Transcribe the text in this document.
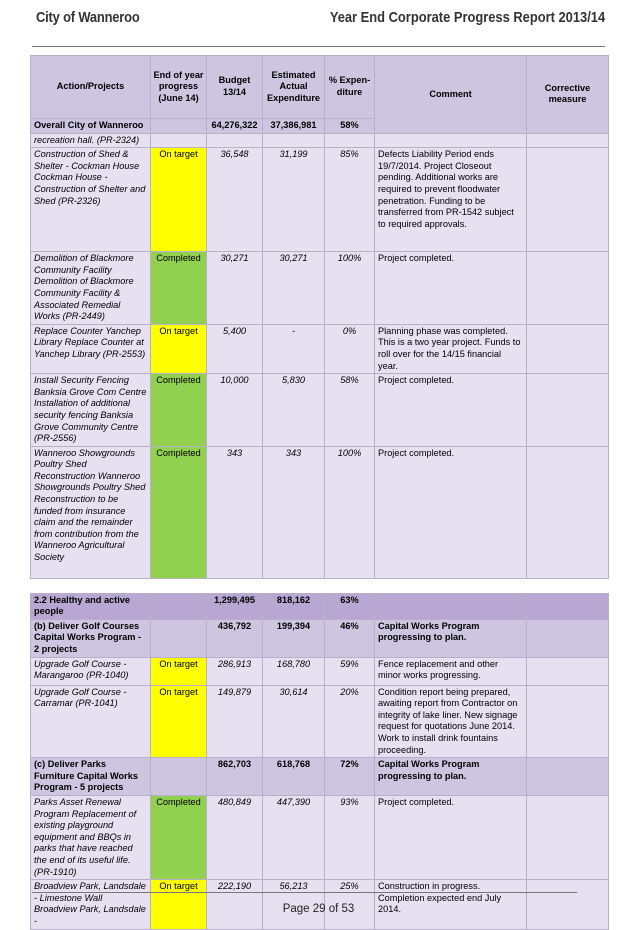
City of Wanneroo	Year End Corporate Progress Report 2013/14
Action/Projects	End of year progress (June 14)	Budget 13/14	Estimated Actual Expenditure	% Expen-diture	Comment	Corrective measure
Overall City of Wanneroo		64,276,322	37,386,981	58%		
recreation hall. (PR-2324)						
Construction of Shed & Shelter - Cockman House Cockman House - Construction of Shelter and Shed (PR-2326)	On target	36,548	31,199	85%	Defects Liability Period ends 19/7/2014. Project Closeout pending. Additional works are required to prevent floodwater penetration. Funding to be transferred from PR-1542 subject to required approvals.	
Demolition of Blackmore Community Facility Demolition of Blackmore Community Facility & Associated Remedial Works (PR-2449)	Completed	30,271	30,271	100%	Project completed.	
Replace Counter Yanchep Library Replace Counter at Yanchep Library (PR-2553)	On target	5,400	-	0%	Planning phase was completed. This is a two year project. Funds to roll over for the 14/15 financial year.	
Install Security Fencing Banksia Grove Com Centre Installation of additional security fencing Banksia Grove Community Centre (PR-2556)	Completed	10,000	5,830	58%	Project completed.	
Wanneroo Showgrounds Poultry Shed Reconstruction Wanneroo Showgrounds Poultry Shed Reconstruction to be funded from insurance claim and the remainder from contribution from the Wanneroo Agricultural Society	Completed	343	343	100%	Project completed.	

2.2 Healthy and active people		1,299,495	818,162	63%		
(b) Deliver Golf Courses Capital Works Program - 2 projects		436,792	199,394	46%	Capital Works Program progressing to plan.	
Upgrade Golf Course - Marangaroo (PR-1040)	On target	286,913	168,780	59%	Fence replacement and other minor works progressing.	
Upgrade Golf Course - Carramar (PR-1041)	On target	149,879	30,614	20%	Condition report being prepared, awaiting report from Contractor on integrity of lake liner. New signage request for quotations June 2014. Work to install drink fountains proceeding.	
(c) Deliver Parks Furniture Capital Works Program - 5 projects		862,703	618,768	72%	Capital Works Program progressing to plan.	
Parks Asset Renewal Program Replacement of existing playground equipment and BBQs in parks that have reached the end of its useful life. (PR-1910)	Completed	480,849	447,390	93%	Project completed.	
Broadview Park, Landsdale - Limestone Wall Broadview Park, Landsdale -	On target	222,190	56,213	25%	Construction in progress. Completion expected end July 2014.	
Page 29 of 53
